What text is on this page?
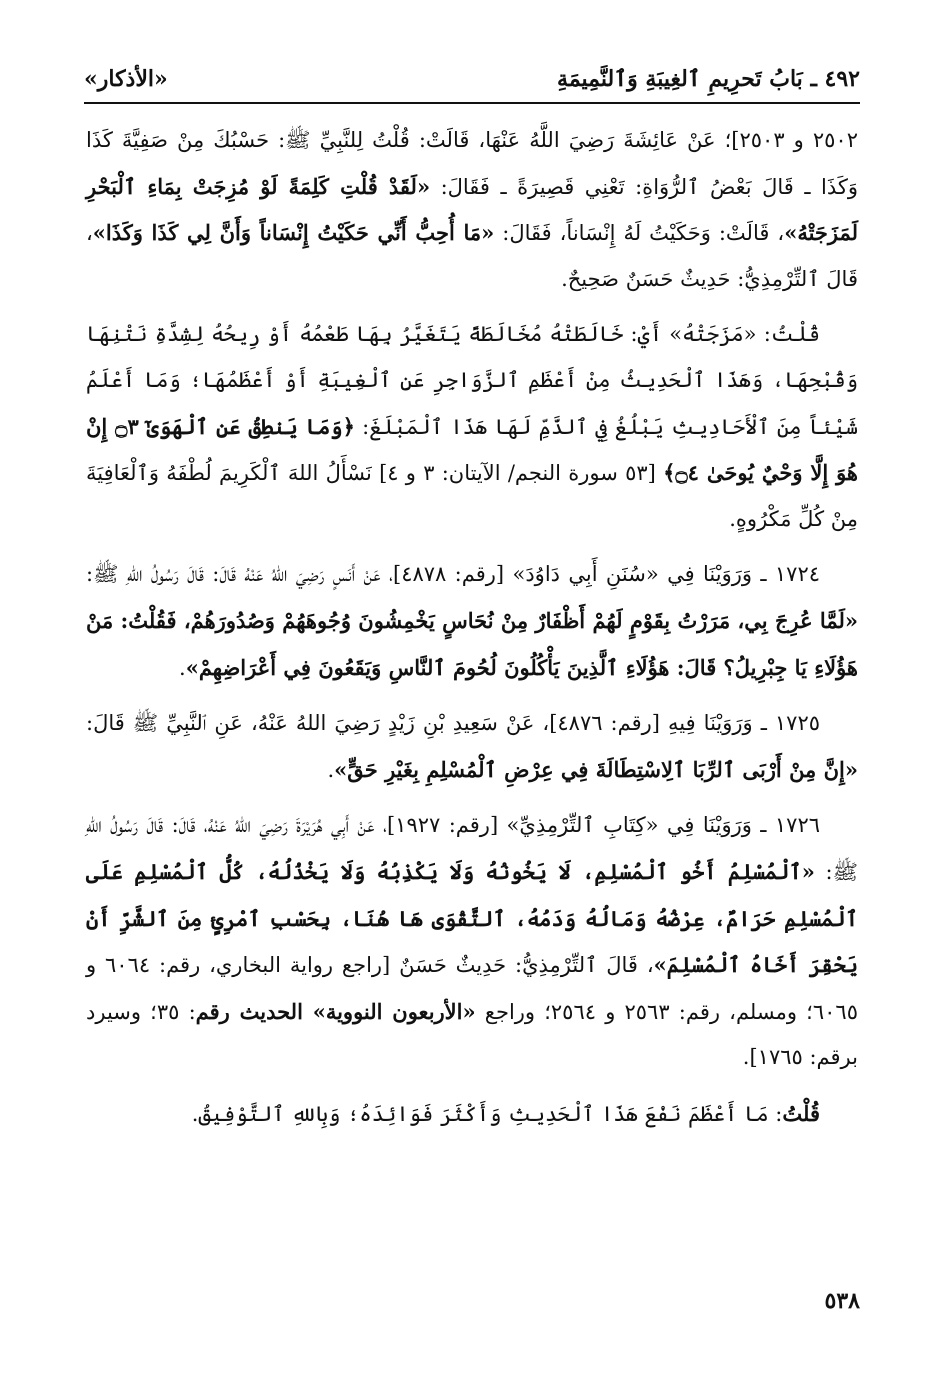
٤٩٢ ـ بَابُ تَحرِيمِ ٱلغِيبَةِ وَٱلنَّمِيمَةِ
«الأذكار»

٢٥٠٢ و ٢٥٠٣]؛ عَنْ عَائِشَةَ رَضِيَ اللَّهُ عَنْهَا، قَالَتْ: قُلْتُ لِلنَّبِيِّ ﷺ: حَسْبُكَ مِنْ صَفِيَّةَ كَذَا وَكَذَا ـ قَالَ بَعْضُ ٱلرُّوَاةِ: تَعْنِي قَصِيرَةً ـ فَقَالَ: «لَقَدْ قُلْتِ كَلِمَةً لَوْ مُزِجَتْ بِمَاءِ ٱلْبَحْرِ لَمَزَجَتْهُ»، قَالَتْ: وَحَكَيْتُ لَهُ إِنْسَاناً، فَقَالَ: «مَا أُحِبُّ أَنِّي حَكَيْتُ إِنْسَاناً وَأَنَّ لِي كَذَا وَكَذَا»، قَالَ ٱلتِّرْمِذِيُّ: حَدِيثٌ حَسَنٌ صَحِيحٌ.

قُلْتُ: «مَزَجَتْهُ» أَيْ: خَالَطَتْهُ مُخَالَطَةً يَتَغَيَّرُ بِهَا طَعْمُهُ أَوْ رِيحُهُ لِشِدَّةِ نَتْنِهَا وَقُبْحِهَا، وَهَذَا ٱلْحَدِيثُ مِنْ أَعْظَمِ ٱلزَّوَاجِرِ عَنِ ٱلْغِيبَةِ أَوْ أَعْظَمُهَا؛ وَمَا أَعْلَمُ شَيْئاً مِنَ ٱلْأَحَادِيثِ يَبْلُغُ فِي ٱلذَّمِّ لَهَا هَذَا ٱلْمَبْلَغَ: ﴿وَمَا يَنطِقُ عَنِ ٱلْهَوَىٰٓ ۝٣ إِنْ هُوَ إِلَّا وَحْيٌ يُوحَىٰ ۝٤﴾ [٥٣ سورة النجم/ الآيتان: ٣ و ٤] نَسْأَلُ اللهَ ٱلْكَرِيمَ لُطْفَهُ وَٱلْعَافِيَةَ مِنْ كُلِّ مَكْرُوهٍ.

١٧٢٤ ـ وَرَوَيْنَا فِي «سُنَنِ أَبِي دَاوُدَ» [رقم: ٤٨٧٨]، عَنْ أَنَسٍ رَضِيَ اللهُ عَنْهُ قَالَ: قَالَ رَسُولُ اللهِ ﷺ: «لَمَّا عُرِجَ بِي، مَرَرْتُ بِقَوْمٍ لَهُمْ أَظْفَارٌ مِنْ نُحَاسٍ يَخْمِشُونَ وُجُوهَهُمْ وَصُدُورَهُمْ، فَقُلْتُ: مَنْ هَؤُلَاءِ يَا جِبْرِيلُ؟ قَالَ: هَؤُلَاءِ ٱلَّذِينَ يَأْكُلُونَ لُحُومَ ٱلنَّاسِ وَيَقَعُونَ فِي أَعْرَاضِهِمْ».

١٧٢٥ ـ وَرَوَيْنَا فِيهِ [رقم: ٤٨٧٦]، عَنْ سَعِيدِ بْنِ زَيْدٍ رَضِيَ اللهُ عَنْهُ، عَنِ ٱلنَّبِيِّ ﷺ قَالَ: «إِنَّ مِنْ أَرْبَى ٱلرِّبَا ٱلِاسْتِطَالَةَ فِي عِرْضِ ٱلْمُسْلِمِ بِغَيْرِ حَقٍّ».

١٧٢٦ ـ وَرَوَيْنَا فِي «كِتَابِ ٱلتِّرْمِذِيِّ» [رقم: ١٩٢٧]، عَنْ أَبِي هُرَيْرَةَ رَضِيَ اللهُ عَنْهُ، قَالَ: قَالَ رَسُولُ اللهِ ﷺ: «ٱلْمُسْلِمُ أَخُو ٱلْمُسْلِمِ، لَا يَخُونُهُ وَلَا يَكْذِبُهُ وَلَا يَخْذُلُهُ، كُلُّ ٱلْمُسْلِمِ عَلَى ٱلْمُسْلِمِ حَرَامٌ، عِرْضُهُ وَمَالُهُ وَدَمُهُ، ٱلتَّقْوَى هَا هُنَا، بِحَسْبِ ٱمْرِئٍ مِنَ ٱلشَّرِّ أَنْ يَحْقِرَ أَخَاهُ ٱلْمُسْلِمَ»، قَالَ ٱلتِّرْمِذِيُّ: حَدِيثٌ حَسَنٌ [راجع رواية البخاري، رقم: ٦٠٦٤ و ٦٠٦٥؛ ومسلم، رقم: ٢٥٦٣ و ٢٥٦٤؛ وراجع «الأربعون النووية» الحديث رقم: ٣٥؛ وسيرد برقم: ١٧٦٥].

قُلْتُ: مَا أَعْظَمَ نَفْعَ هَذَا ٱلْحَدِيثِ وَأَكْثَرَ فَوَائِدَهُ؛ وَبِاللهِ ٱلتَّوْفِيقُ.

٥٣٨
